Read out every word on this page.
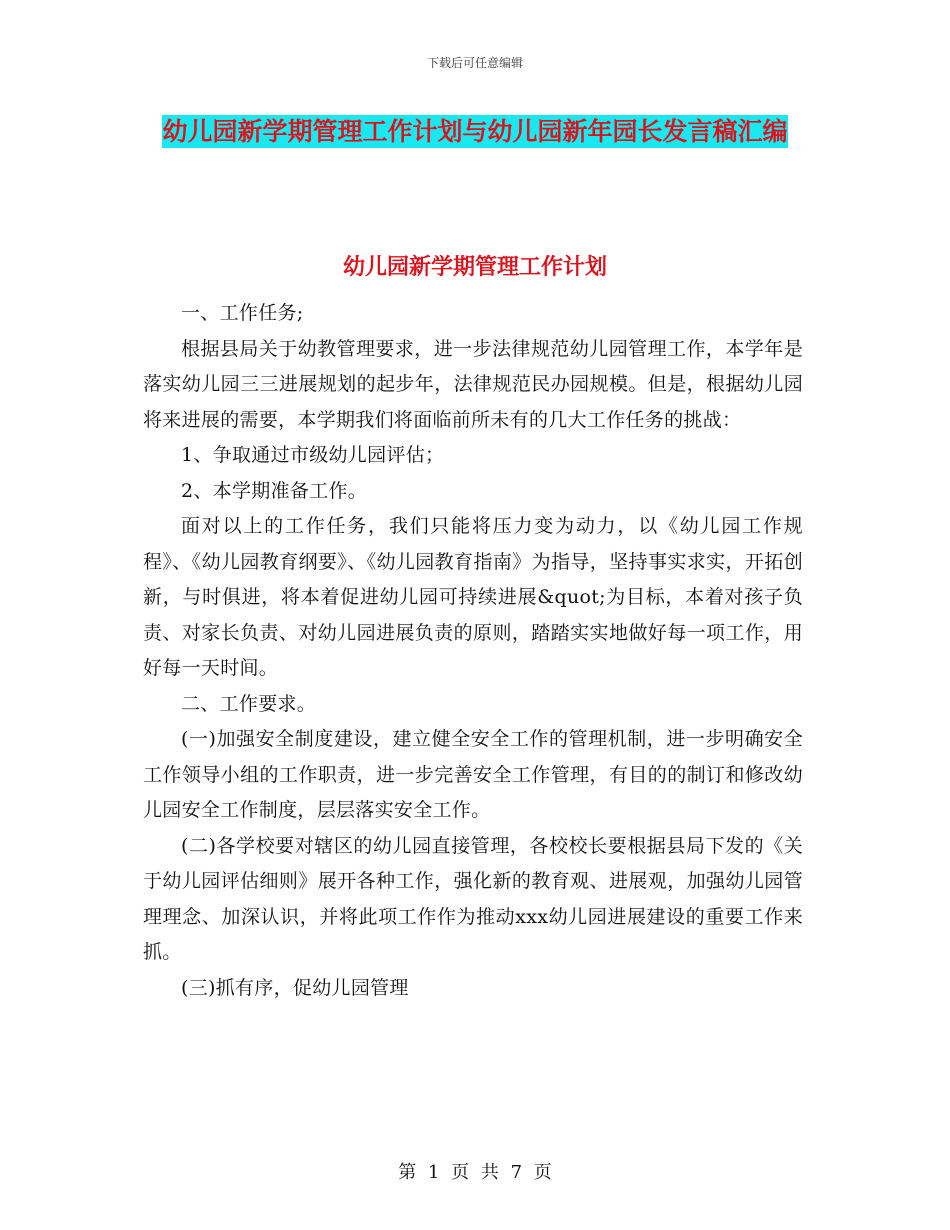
下载后可任意编辑
幼儿园新学期管理工作计划与幼儿园新年园长发言稿汇编
幼儿园新学期管理工作计划

一、工作任务;

根据县局关于幼教管理要求，进一步法律规范幼儿园管理工作，本学年是落实幼儿园三三进展规划的起步年，法律规范民办园规模。但是，根据幼儿园将来进展的需要，本学期我们将面临前所未有的几大工作任务的挑战：

1、争取通过市级幼儿园评估；

2、本学期准备工作。

面对以上的工作任务，我们只能将压力变为动力，以《幼儿园工作规程》、《幼儿园教育纲要》、《幼儿园教育指南》为指导，坚持事实求实，开拓创新，与时俱进，将本着促进幼儿园可持续进展&quot;为目标，本着对孩子负责、对家长负责、对幼儿园进展负责的原则，踏踏实实地做好每一项工作，用好每一天时间。

二、工作要求。

(一)加强安全制度建设，建立健全安全工作的管理机制，进一步明确安全工作领导小组的工作职责，进一步完善安全工作管理，有目的的制订和修改幼儿园安全工作制度，层层落实安全工作。

(二)各学校要对辖区的幼儿园直接管理，各校校长要根据县局下发的《关于幼儿园评估细则》展开各种工作，强化新的教育观、进展观，加强幼儿园管理理念、加深认识，并将此项工作作为推动xxx幼儿园进展建设的重要工作来抓。

(三)抓有序，促幼儿园管理

第 1 页 共 7 页
